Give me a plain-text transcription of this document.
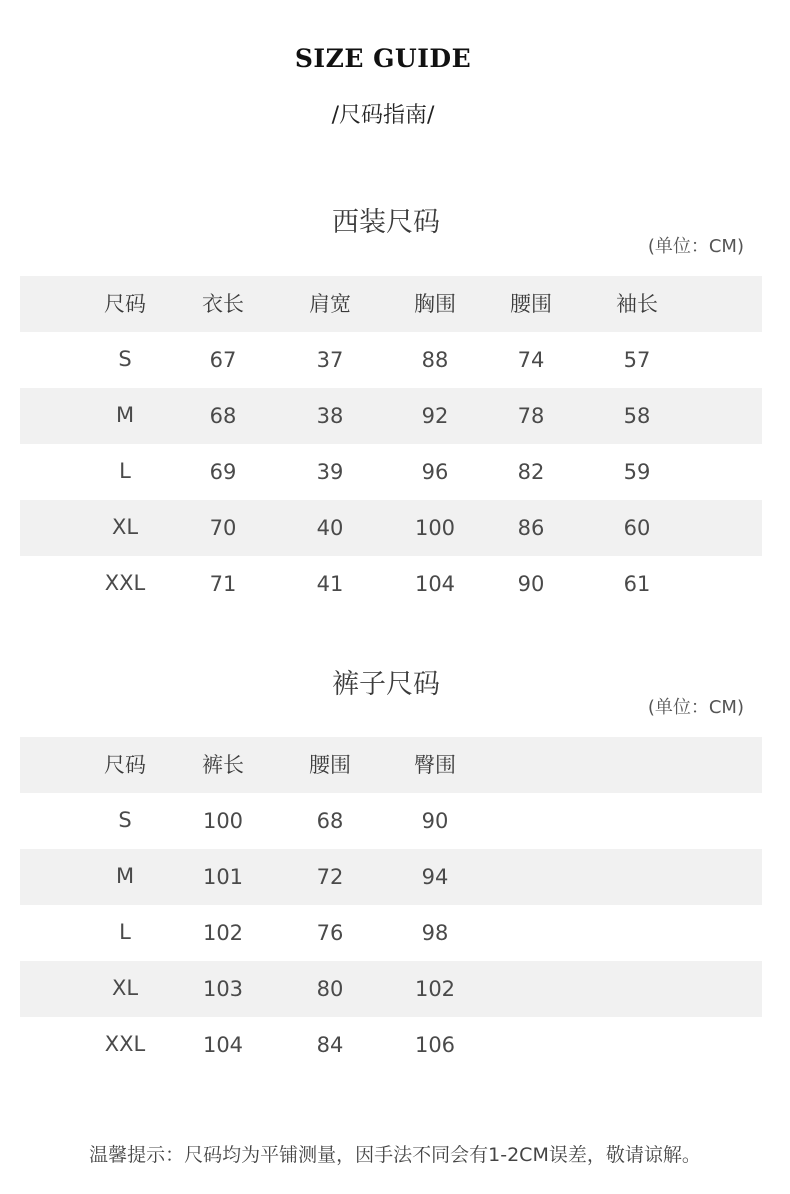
SIZE GUIDE
/尺码指南/
西装尺码
(单位：CM)
尺码	衣长	肩宽	胸围	腰围	袖长
S	67	37	88	74	57
M	68	38	92	78	58
L	69	39	96	82	59
XL	70	40	100	86	60
XXL	71	41	104	90	61
裤子尺码
(单位：CM)
尺码	裤长	腰围	臀围
S	100	68	90
M	101	72	94
L	102	76	98
XL	103	80	102
XXL	104	84	106
温馨提示：尺码均为平铺测量，因手法不同会有1-2CM误差，敬请谅解。
